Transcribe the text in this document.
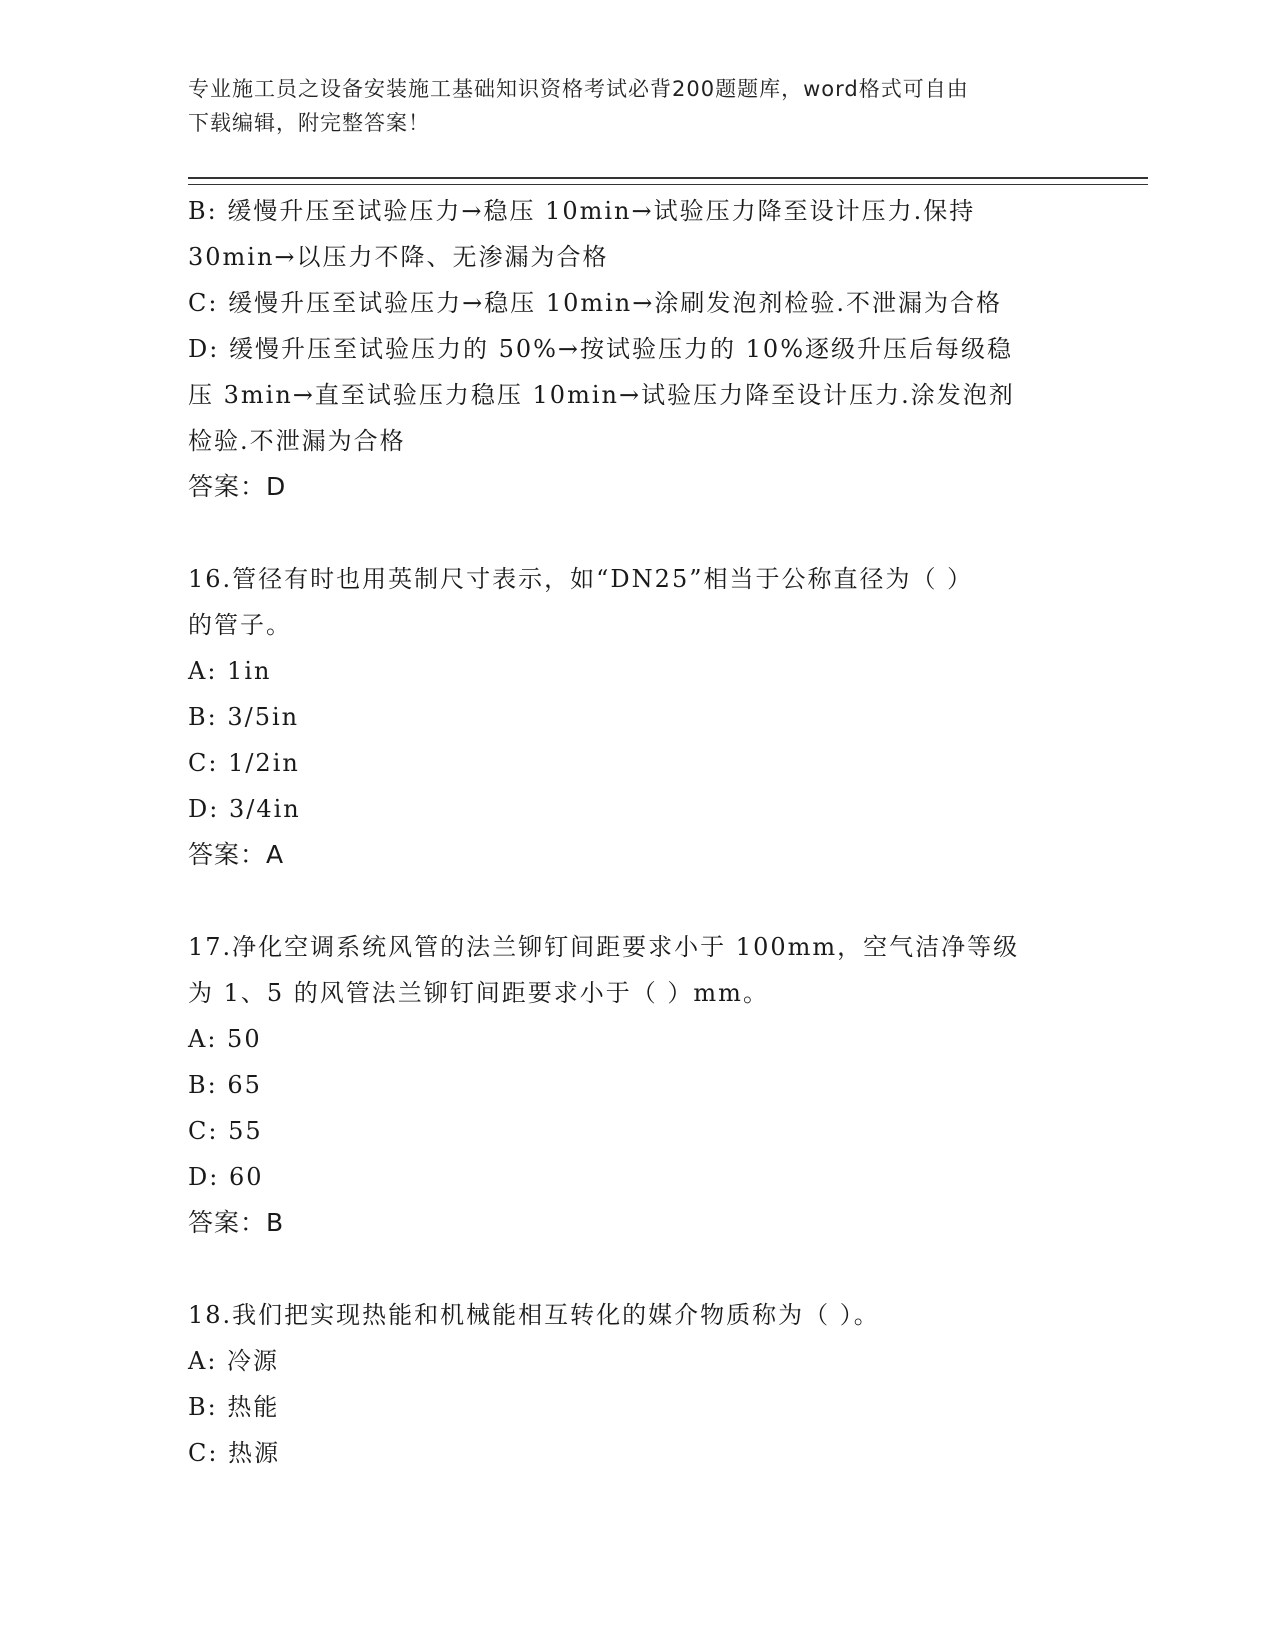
专业施工员之设备安装施工基础知识资格考试必背200题题库，word格式可自由
下载编辑，附完整答案！
B: 缓慢升压至试验压力→稳压 10min→试验压力降至设计压力.保持
30min→以压力不降、无渗漏为合格
C: 缓慢升压至试验压力→稳压 10min→涂刷发泡剂检验.不泄漏为合格
D: 缓慢升压至试验压力的 50%→按试验压力的 10%逐级升压后每级稳
压 3min→直至试验压力稳压 10min→试验压力降至设计压力.涂发泡剂
检验.不泄漏为合格
答案：D
16.管径有时也用英制尺寸表示，如“DN25”相当于公称直径为（ ）
的管子。
A: 1in
B: 3/5in
C: 1/2in
D: 3/4in
答案：A
17.净化空调系统风管的法兰铆钉间距要求小于 100mm，空气洁净等级
为 1、5 的风管法兰铆钉间距要求小于（ ）mm。
A: 50
B: 65
C: 55
D: 60
答案：B
18.我们把实现热能和机械能相互转化的媒介物质称为（ ）。
A: 冷源
B: 热能
C: 热源
